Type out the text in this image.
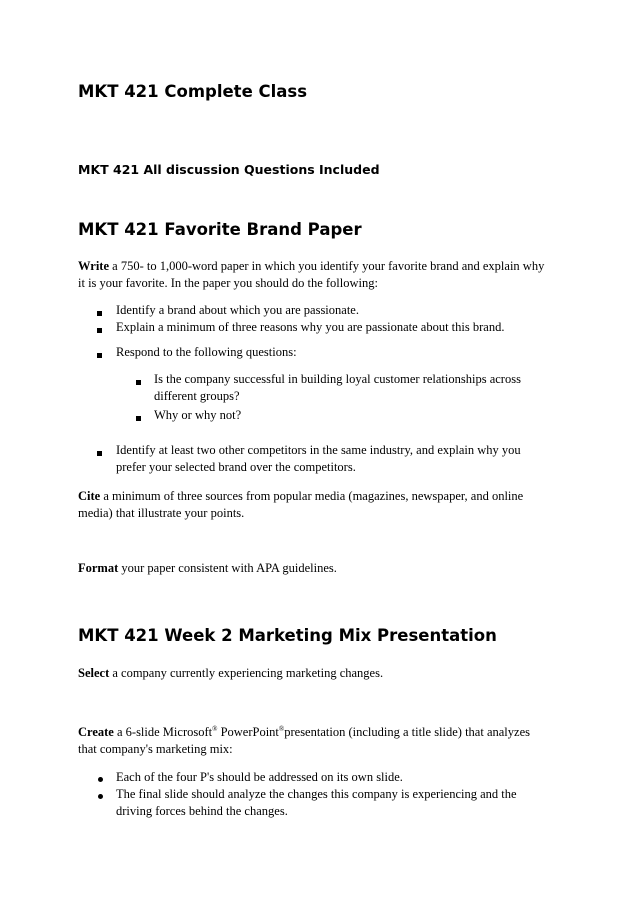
MKT 421 Complete Class
MKT 421 All discussion Questions Included
MKT 421 Favorite Brand Paper
Write a 750- to 1,000-word paper in which you identify your favorite brand and explain why
it is your favorite. In the paper you should do the following:
Identify a brand about which you are passionate.
Explain a minimum of three reasons why you are passionate about this brand.
Respond to the following questions:
Is the company successful in building loyal customer relationships across
different groups?
Why or why not?
Identify at least two other competitors in the same industry, and explain why you
prefer your selected brand over the competitors.
Cite a minimum of three sources from popular media (magazines, newspaper, and online
media) that illustrate your points.
Format your paper consistent with APA guidelines.
MKT 421 Week 2 Marketing Mix Presentation
Select a company currently experiencing marketing changes.
Create a 6-slide Microsoft® PowerPoint®presentation (including a title slide) that analyzes
that company's marketing mix:
Each of the four P's should be addressed on its own slide.
The final slide should analyze the changes this company is experiencing and the
driving forces behind the changes.
